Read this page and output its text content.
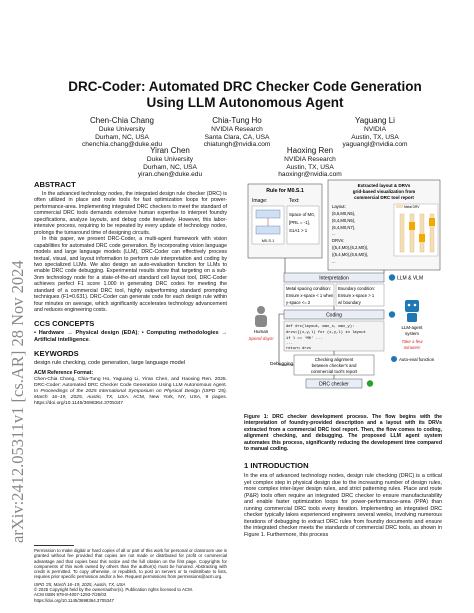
arXiv:2412.05311v1 [cs.AR] 28 Nov 2024
DRC-Coder: Automated DRC Checker Code Generation
Using LLM Autonomous Agent
Chen-Chia Chang
Duke University
Durham, NC, USA
chenchia.chang@duke.edu
Chia-Tung Ho
NVIDIA Research
Santa Clara, CA, USA
chiatungh@nvidia.com
Yaguang Li
NVIDIA
Austin, TX, USA
yaguangl@nvidia.com
Yiran Chen
Duke University
Durham, NC, USA
yiran.chen@duke.edu
Haoxing Ren
NVIDIA Research
Austin, TX, USA
haoxingr@nvidia.com
ABSTRACT

In the advanced technology nodes, the integrated design rule checker (DRC) is often utilized in place and route tools for fast optimization loops for power-performance-area. Implementing integrated DRC checkers to meet the standard of commercial DRC tools demands extensive human expertise to interpret foundry specifications, analyze layouts, and debug code iteratively. However, this labor-intensive process, requiring to be repeated by every update of technology nodes, prolongs the turnaround time of designing circuits.

In this paper, we present DRC-Coder, a multi-agent framework with vision capabilities for automated DRC code generation. By incorporating vision language models and large language models (LLM), DRC-Coder can effectively process textual, visual, and layout information to perform rule interpretation and coding by two specialized LLMs. We also design an auto-evaluation function for LLMs to enable DRC code debugging. Experimental results show that targeting on a sub-3nm technology node for a state-of-the-art standard cell layout tool, DRC-Coder achieves perfect F1 score 1.000 in generating DRC codes for meeting the standard of a commercial DRC tool, highly outperforming standard prompting techniques (F1=0.631). DRC-Coder can generate code for each design rule within four minutes on average, which significantly accelerates technology advancement and reduces engineering costs.

CCS CONCEPTS

• Hardware → Physical design (EDA); • Computing methodologies → Artificial intelligence.

KEYWORDS

design rule checking, code generation, large language model

ACM Reference Format:

Chen-Chia Chang, Chia-Tung Ho, Yaguang Li, Yiran Chen, and Haoxing Ren. 2025. DRC-Coder: Automated DRC Checker Code Generation Using LLM Autonomous Agent. In Proceedings of the 2025 International Symposium on Physical Design (ISPD '25), March 16–19, 2025, Austin, TX, USA. ACM, New York, NY, USA, 9 pages. https://doi.org/10.1145/3698364.3705347

Permission to make digital or hard copies of all or part of this work for personal or classroom use is granted without fee provided that copies are not made or distributed for profit or commercial advantage and that copies bear this notice and the full citation on the first page. Copyrights for components of this work owned by others than the author(s) must be honored. Abstracting with credit is permitted. To copy otherwise, or republish, to post on servers or to redistribute to lists, requires prior specific permission and/or a fee. Request permissions from permissions@acm.org.

ISPD '25, March 16–19, 2025, Austin, TX, USA
© 2025 Copyright held by the owner/author(s). Publication rights licensed to ACM.
ACM ISBN 979-8-4007-1293-7/25/03
https://doi.org/10.1145/3698364.3705347
Rule for M0.S.1
Image:	Text:
M0.S.1
Space of M0,
[PRL = -1],
S1A1 > 1
Extracted layout & DRVs
grid-based visualization from
commercial DRC tool report
Layout:
(6,6,M0,N5),
(6,4,M0,N5),
(6,4,M0,N7),
...
DRVs:
((5,4,M0),(6,2,M0)),
((5,4,M0),(6,6,M0)),
...
Metal DRV
Interpretation	LLM & VLM
Metal spacing condition:
Ensure x-space < 1 when
y-space <= 2
Boundary condition:
Ensure x-space > 1
w/ boundary
Human
Spend days!
Coding
def drc(layout, max_x, max_y):
drvs=[(x,y,l) for (x,y,l) in layout
if l == 'M0' ...
...
return drvs
LLM-agent
system
Take a few
minutes!
Auto-eval function
Checking alignment
between checker's and
commercial tool's report
Debugging
DRC checker

Figure 1: DRC checker development process. The flow begins with the interpretation of foundry-provided description and a layout with its DRVs extracted from a commercial DRC tool report. Then, the flow comes to coding, alignment checking, and debugging. The proposed LLM agent system automates this process, significantly reducing the development time compared to manual coding.

1 INTRODUCTION

In the era of advanced technology nodes, design rule checking (DRC) is a critical yet complex step in physical design due to the increasing number of design rules, more complex inter-layer design rules, and strict patterning rules. Place and route (P&R) tools often require an integrated DRC checker to ensure manufacturability and enable faster optimization loops for power-performance-area (PPA) than running commercial DRC tools every iteration. Implementing an integrated DRC checker typically takes experienced engineers several weeks, involving numerous iterations of debugging to extract DRC rules from foundry documents and ensure the integrated checker meets the standards of commercial DRC tools, as shown in Figure 1. Furthermore, this process
